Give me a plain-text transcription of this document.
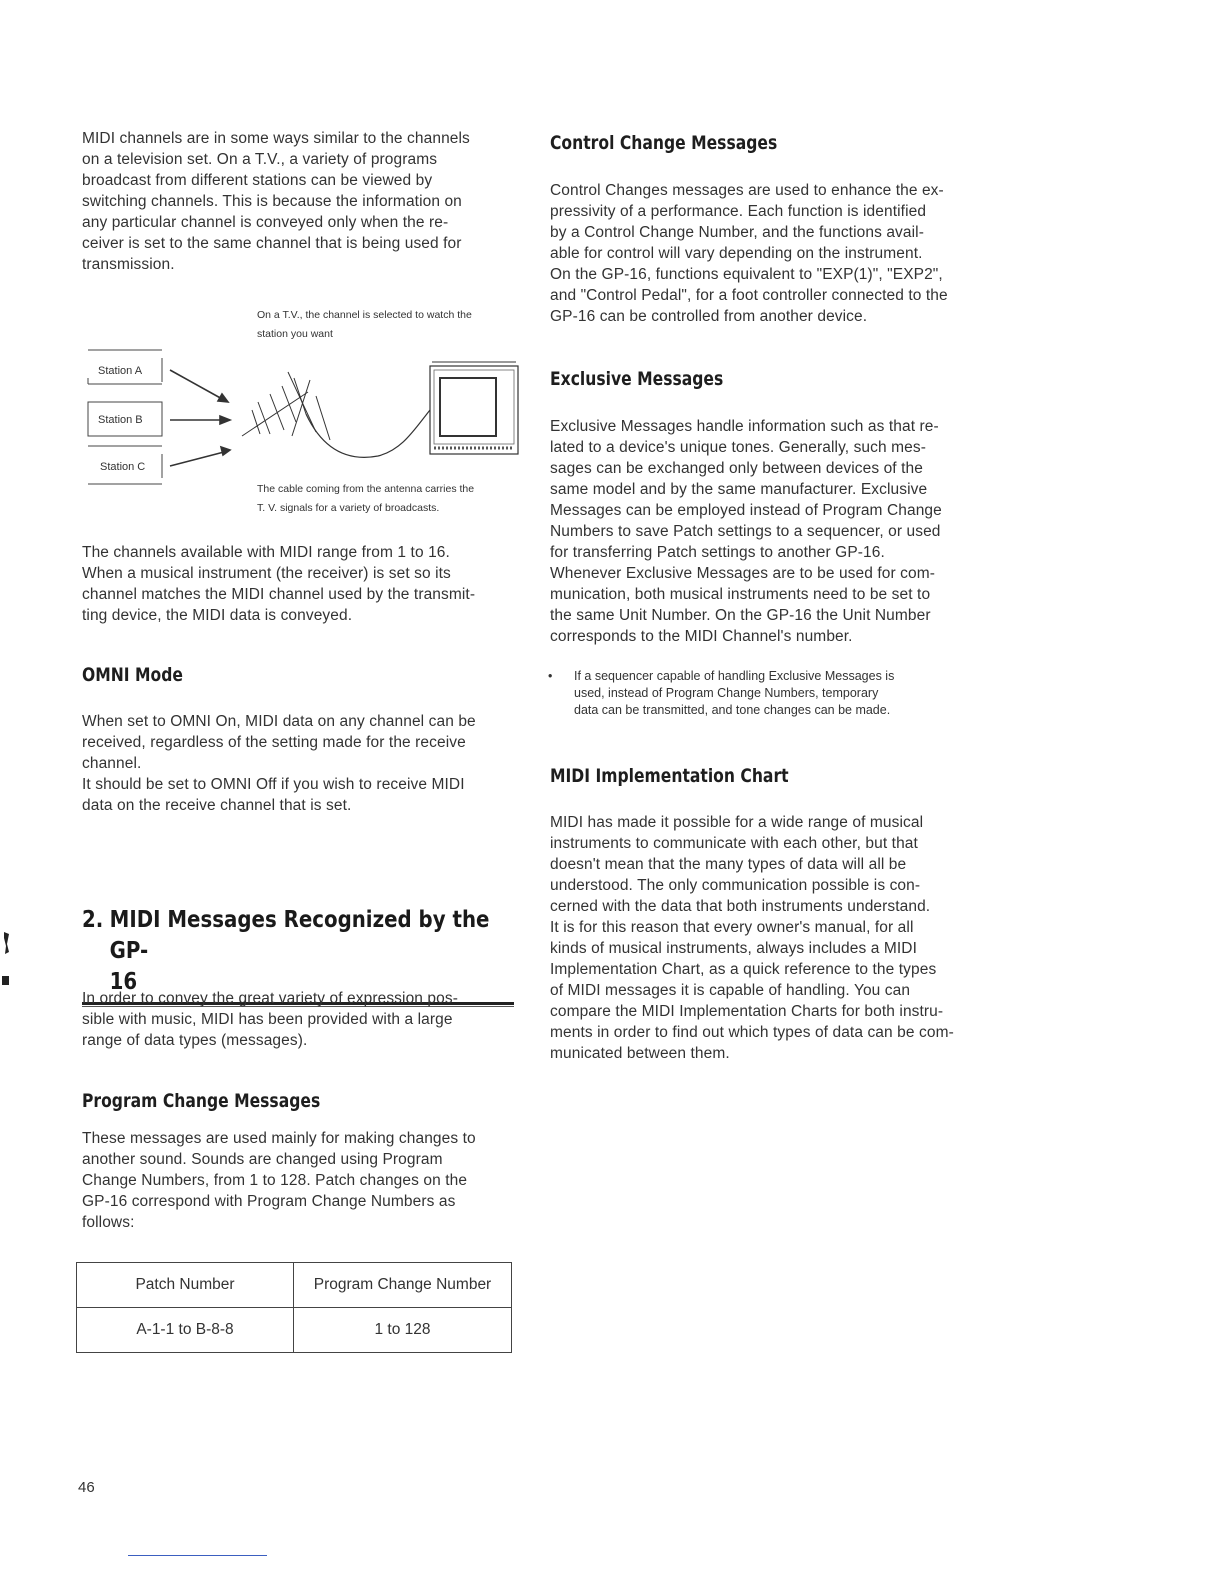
MIDI channels are in some ways similar to the channels
on a television set. On a T.V., a variety of programs
broadcast from different stations can be viewed by
switching channels. This is because the information on
any particular channel is conveyed only when the re-
ceiver is set to the same channel that is being used for
transmission.

On a T.V., the channel is selected to watch the
station you want
Station A
Station B
Station C
The cable coming from the antenna carries the
T. V. signals for a variety of broadcasts.

The channels available with MIDI range from 1 to 16.
When a musical instrument (the receiver) is set so its
channel matches the MIDI channel used by the transmit-
ting device, the MIDI data is conveyed.

OMNI Mode

When set to OMNI On, MIDI data on any channel can be
received, regardless of the setting made for the receive
channel.
It should be set to OMNI Off if you wish to receive MIDI
data on the receive channel that is set.

2. MIDI Messages Recognized by the GP-
16

In order to convey the great variety of expression pos-
sible with music, MIDI has been provided with a large
range of data types (messages).

Program Change Messages

These messages are used mainly for making changes to
another sound. Sounds are changed using Program
Change Numbers, from 1 to 128. Patch changes on the
GP-16 correspond with Program Change Numbers as
follows:

Patch Number	Program Change Number
A-1-1 to B-8-8	1 to 128
Control Change Messages

Control Changes messages are used to enhance the ex-
pressivity of a performance. Each function is identified
by a Control Change Number, and the functions avail-
able for control will vary depending on the instrument.
On the GP-16, functions equivalent to "EXP(1)", "EXP2",
and "Control Pedal", for a foot controller connected to the
GP-16 can be controlled from another device.

Exclusive Messages

Exclusive Messages handle information such as that re-
lated to a device's unique tones. Generally, such mes-
sages can be exchanged only between devices of the
same model and by the same manufacturer. Exclusive
Messages can be employed instead of Program Change
Numbers to save Patch settings to a sequencer, or used
for transferring Patch settings to another GP-16.
Whenever Exclusive Messages are to be used for com-
munication, both musical instruments need to be set to
the same Unit Number. On the GP-16 the Unit Number
corresponds to the MIDI Channel's number.

• If a sequencer capable of handling Exclusive Messages is
used, instead of Program Change Numbers, temporary
data can be transmitted, and tone changes can be made.
MIDI Implementation Chart

MIDI has made it possible for a wide range of musical
instruments to communicate with each other, but that
doesn't mean that the many types of data will all be
understood. The only communication possible is con-
cerned with the data that both instruments understand.
It is for this reason that every owner's manual, for all
kinds of musical instruments, always includes a MIDI
Implementation Chart, as a quick reference to the types
of MIDI messages it is capable of handling. You can
compare the MIDI Implementation Charts for both instru-
ments in order to find out which types of data can be com-
municated between them.

46
